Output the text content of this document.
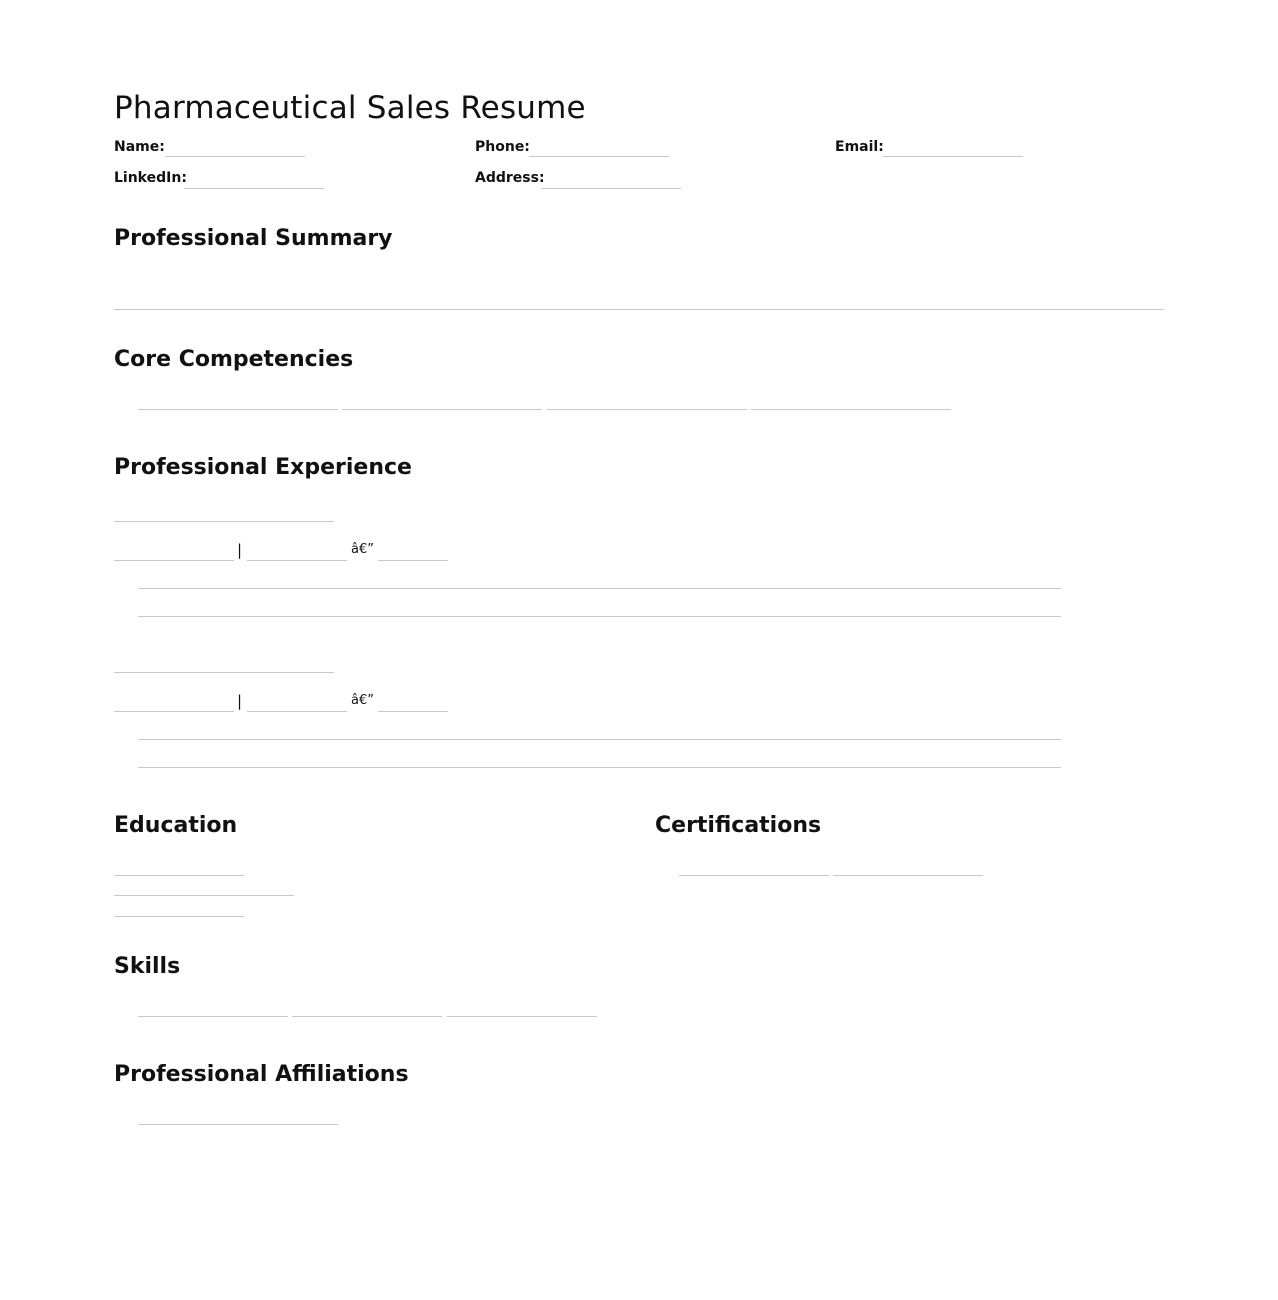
Pharmaceutical Sales Resume
Name:	Phone:	Email:
LinkedIn:	Address:
Professional Summary
Core Competencies
Professional Experience
|	â€”
|	â€”
Education	Certifications
Skills
Professional Affiliations
